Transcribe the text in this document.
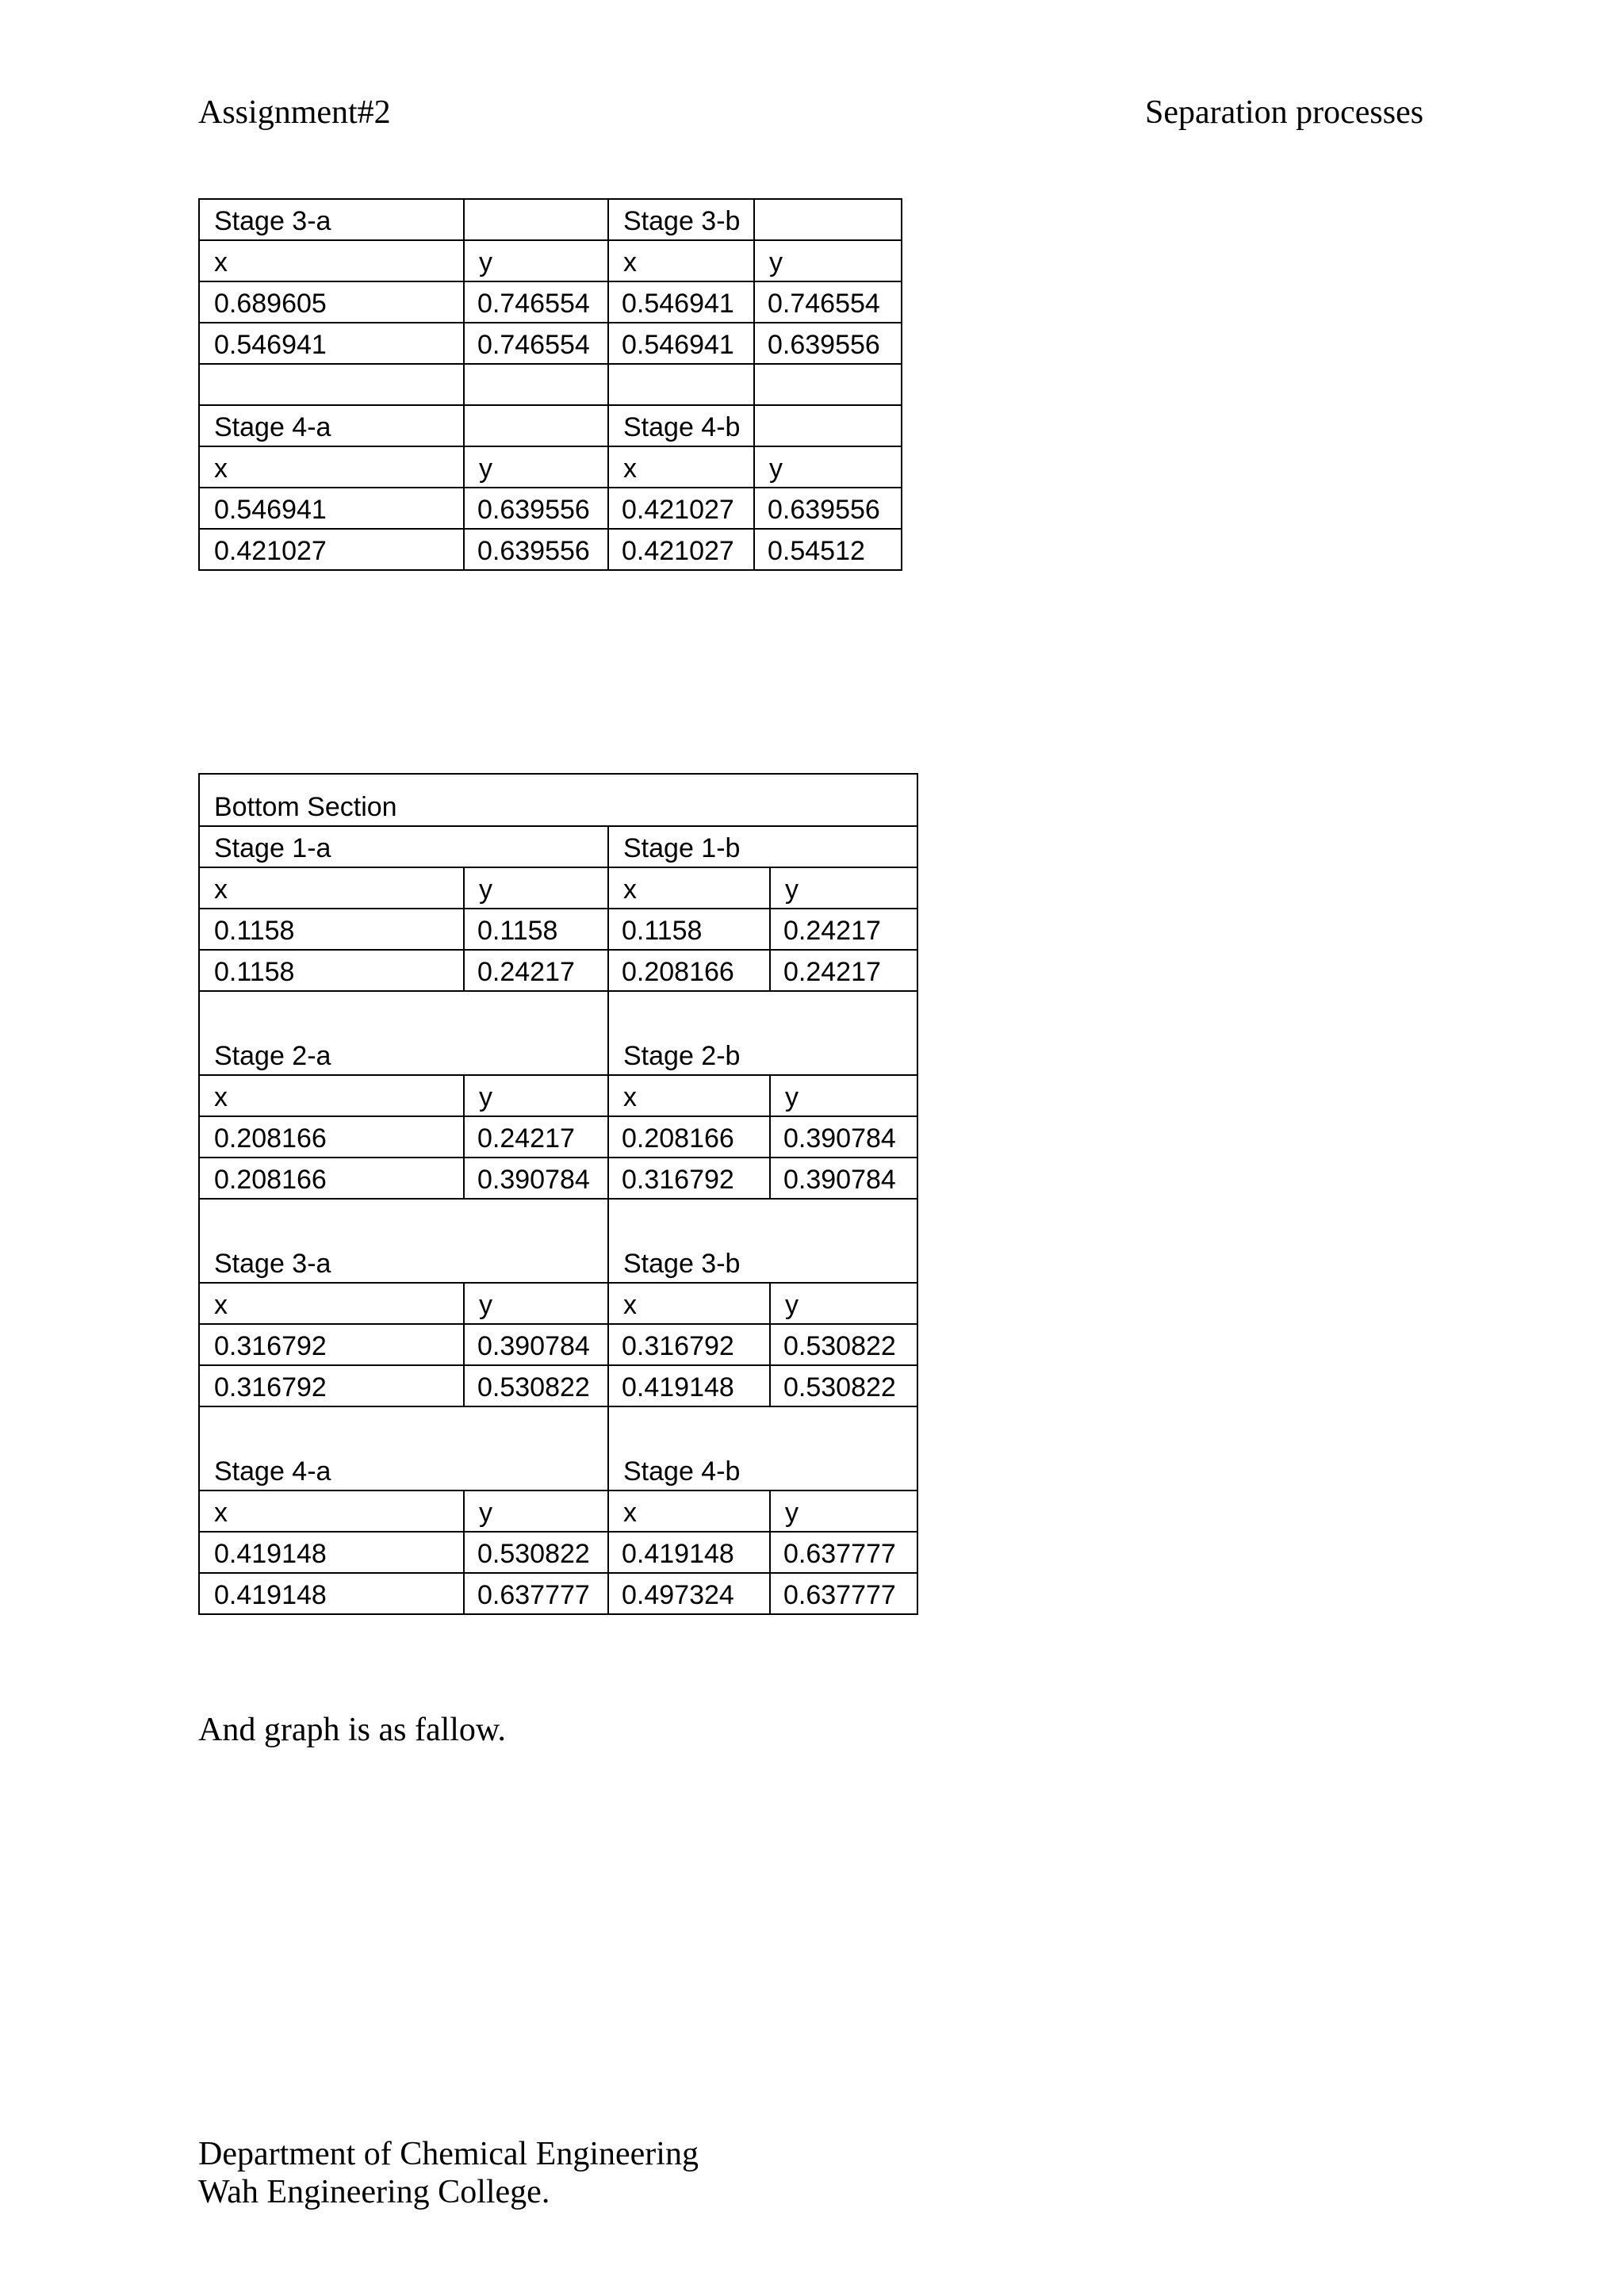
Assignment#2	Separation processes
Stage 3-a		Stage 3-b	
x	y	x	y
0.689605	0.746554	0.546941	0.746554
0.546941	0.746554	0.546941	0.639556

Stage 4-a		Stage 4-b	
x	y	x	y
0.546941	0.639556	0.421027	0.639556
0.421027	0.639556	0.421027	0.54512
Bottom Section			
Stage 1-a		Stage 1-b	
x	y	x	y
0.1158	0.1158	0.1158	0.24217
0.1158	0.24217	0.208166	0.24217
Stage 2-a		Stage 2-b	
x	y	x	y
0.208166	0.24217	0.208166	0.390784
0.208166	0.390784	0.316792	0.390784
Stage 3-a		Stage 3-b	
x	y	x	y
0.316792	0.390784	0.316792	0.530822
0.316792	0.530822	0.419148	0.530822
Stage 4-a		Stage 4-b	
x	y	x	y
0.419148	0.530822	0.419148	0.637777
0.419148	0.637777	0.497324	0.637777
And graph is as fallow.
Department of Chemical Engineering
Wah Engineering College.
